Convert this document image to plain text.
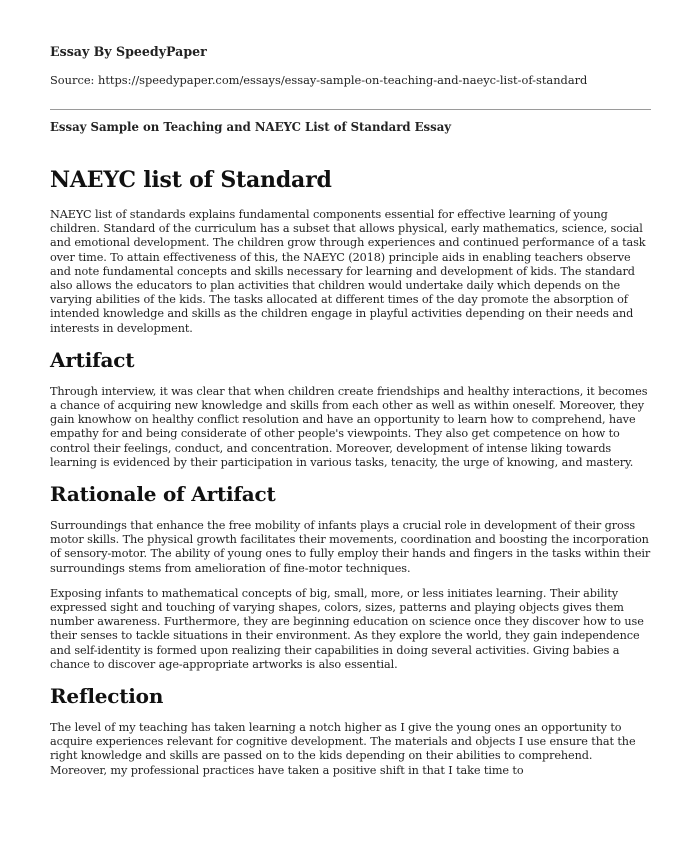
Essay By SpeedyPaper

Source: https://speedypaper.com/essays/essay-sample-on-teaching-and-naeyc-list-of-standard

Essay Sample on Teaching and NAEYC List of Standard Essay

NAEYC list of Standard

NAEYC list of standards explains fundamental components essential for effective learning of young children. Standard of the curriculum has a subset that allows physical, early mathematics, science, social and emotional development. The children grow through experiences and continued performance of a task over time. To attain effectiveness of this, the NAEYC (2018) principle aids in enabling teachers observe and note fundamental concepts and skills necessary for learning and development of kids. The standard also allows the educators to plan activities that children would undertake daily which depends on the varying abilities of the kids. The tasks allocated at different times of the day promote the absorption of intended knowledge and skills as the children engage in playful activities depending on their needs and interests in development.

Artifact

Through interview, it was clear that when children create friendships and healthy interactions, it becomes a chance of acquiring new knowledge and skills from each other as well as within oneself. Moreover, they gain knowhow on healthy conflict resolution and have an opportunity to learn how to comprehend, have empathy for and being considerate of other people's viewpoints. They also get competence on how to control their feelings, conduct, and concentration. Moreover, development of intense liking towards learning is evidenced by their participation in various tasks, tenacity, the urge of knowing, and mastery.

Rationale of Artifact

Surroundings that enhance the free mobility of infants plays a crucial role in development of their gross motor skills. The physical growth facilitates their movements, coordination and boosting the incorporation of sensory-motor. The ability of young ones to fully employ their hands and fingers in the tasks within their surroundings stems from amelioration of fine-motor techniques.

Exposing infants to mathematical concepts of big, small, more, or less initiates learning. Their ability expressed sight and touching of varying shapes, colors, sizes, patterns and playing objects gives them number awareness. Furthermore, they are beginning education on science once they discover how to use their senses to tackle situations in their environment. As they explore the world, they gain independence and self-identity is formed upon realizing their capabilities in doing several activities. Giving babies a chance to discover age-appropriate artworks is also essential.

Reflection

The level of my teaching has taken learning a notch higher as I give the young ones an opportunity to acquire experiences relevant for cognitive development. The materials and objects I use ensure that the right knowledge and skills are passed on to the kids depending on their abilities to comprehend. Moreover, my professional practices have taken a positive shift in that I take time to
